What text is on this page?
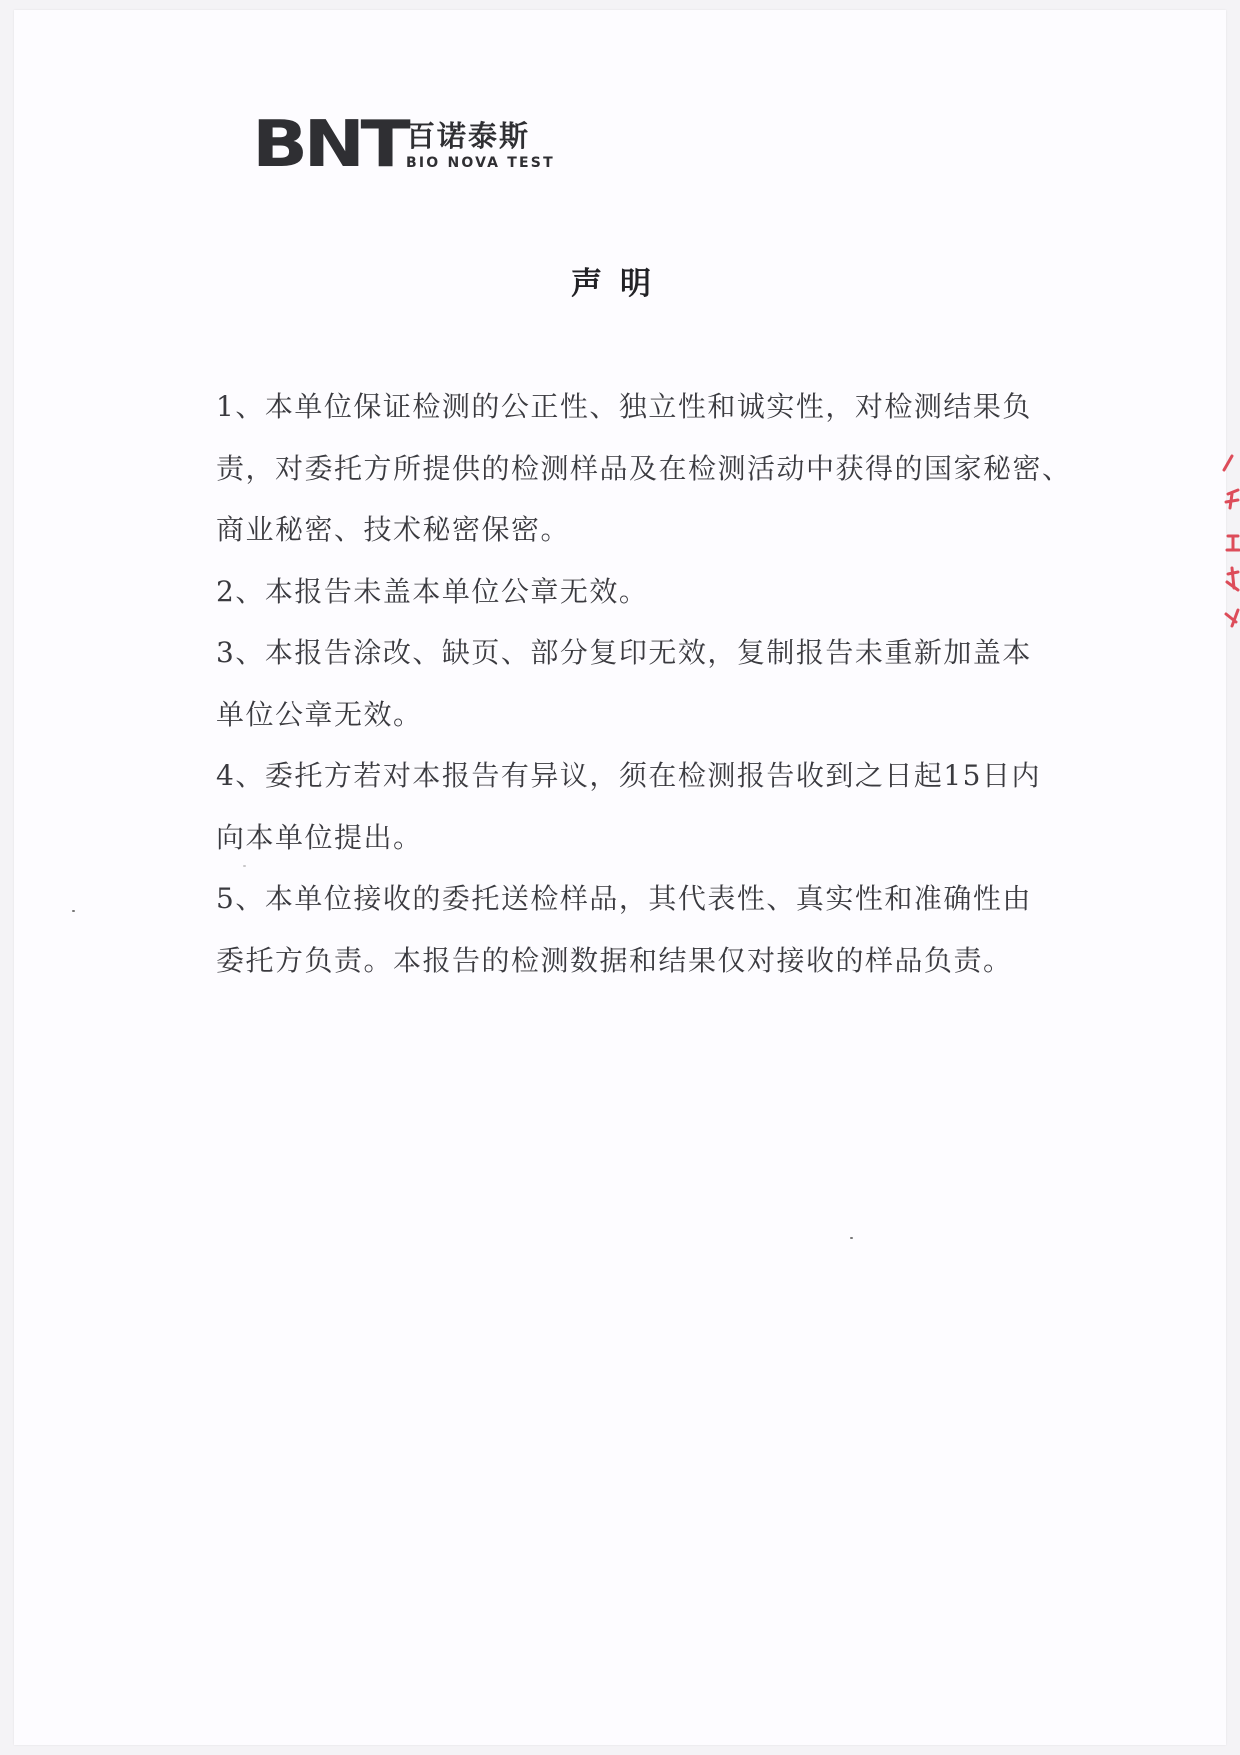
BNT 百诺泰斯
BIO NOVA TEST
声明
1、本单位保证检测的公正性、独立性和诚实性，对检测结果负
责，对委托方所提供的检测样品及在检测活动中获得的国家秘密、
商业秘密、技术秘密保密。
2、本报告未盖本单位公章无效。
3、本报告涂改、缺页、部分复印无效，复制报告未重新加盖本
单位公章无效。
4、委托方若对本报告有异议，须在检测报告收到之日起15日内
向本单位提出。
5、本单位接收的委托送检样品，其代表性、真实性和准确性由
委托方负责。本报告的检测数据和结果仅对接收的样品负责。
